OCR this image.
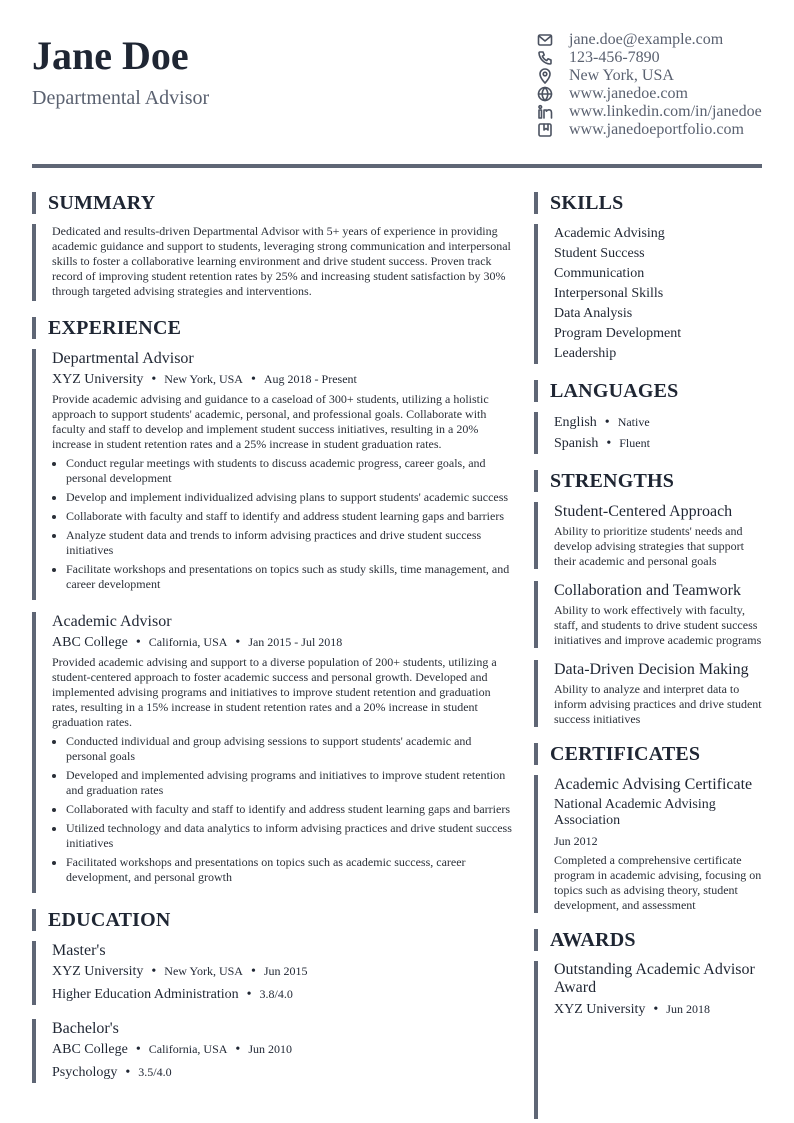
Jane Doe
Departmental Advisor
jane.doe@example.com
123-456-7890
New York, USA
www.janedoe.com
www.linkedin.com/in/janedoe
www.janedoeportfolio.com
SUMMARY
Dedicated and results-driven Departmental Advisor with 5+ years of experience in providing academic guidance and support to students, leveraging strong communication and interpersonal skills to foster a collaborative learning environment and drive student success. Proven track record of improving student retention rates by 25% and increasing student satisfaction by 30% through targeted advising strategies and interventions.
EXPERIENCE
Departmental Advisor
XYZ University • New York, USA • Aug 2018 - Present
Provide academic advising and guidance to a caseload of 300+ students, utilizing a holistic approach to support students' academic, personal, and professional goals. Collaborate with faculty and staff to develop and implement student success initiatives, resulting in a 20% increase in student retention rates and a 25% increase in student graduation rates.
• Conduct regular meetings with students to discuss academic progress, career goals, and personal development
• Develop and implement individualized advising plans to support students' academic success
• Collaborate with faculty and staff to identify and address student learning gaps and barriers
• Analyze student data and trends to inform advising practices and drive student success initiatives
• Facilitate workshops and presentations on topics such as study skills, time management, and career development
Academic Advisor
ABC College • California, USA • Jan 2015 - Jul 2018
Provided academic advising and support to a diverse population of 200+ students, utilizing a student-centered approach to foster academic success and personal growth. Developed and implemented advising programs and initiatives to improve student retention and graduation rates, resulting in a 15% increase in student retention rates and a 20% increase in student graduation rates.
• Conducted individual and group advising sessions to support students' academic and personal goals
• Developed and implemented advising programs and initiatives to improve student retention and graduation rates
• Collaborated with faculty and staff to identify and address student learning gaps and barriers
• Utilized technology and data analytics to inform advising practices and drive student success initiatives
• Facilitated workshops and presentations on topics such as academic success, career development, and personal growth
EDUCATION
Master's
XYZ University • New York, USA • Jun 2015
Higher Education Administration • 3.8/4.0
Bachelor's
ABC College • California, USA • Jun 2010
Psychology • 3.5/4.0
SKILLS
Academic Advising
Student Success
Communication
Interpersonal Skills
Data Analysis
Program Development
Leadership
LANGUAGES
English • Native
Spanish • Fluent
STRENGTHS
Student-Centered Approach
Ability to prioritize students' needs and develop advising strategies that support their academic and personal goals
Collaboration and Teamwork
Ability to work effectively with faculty, staff, and students to drive student success initiatives and improve academic programs
Data-Driven Decision Making
Ability to analyze and interpret data to inform advising practices and drive student success initiatives
CERTIFICATES
Academic Advising Certificate
National Academic Advising Association
Jun 2012
Completed a comprehensive certificate program in academic advising, focusing on topics such as advising theory, student development, and assessment
AWARDS
Outstanding Academic Advisor Award
XYZ University • Jun 2018
